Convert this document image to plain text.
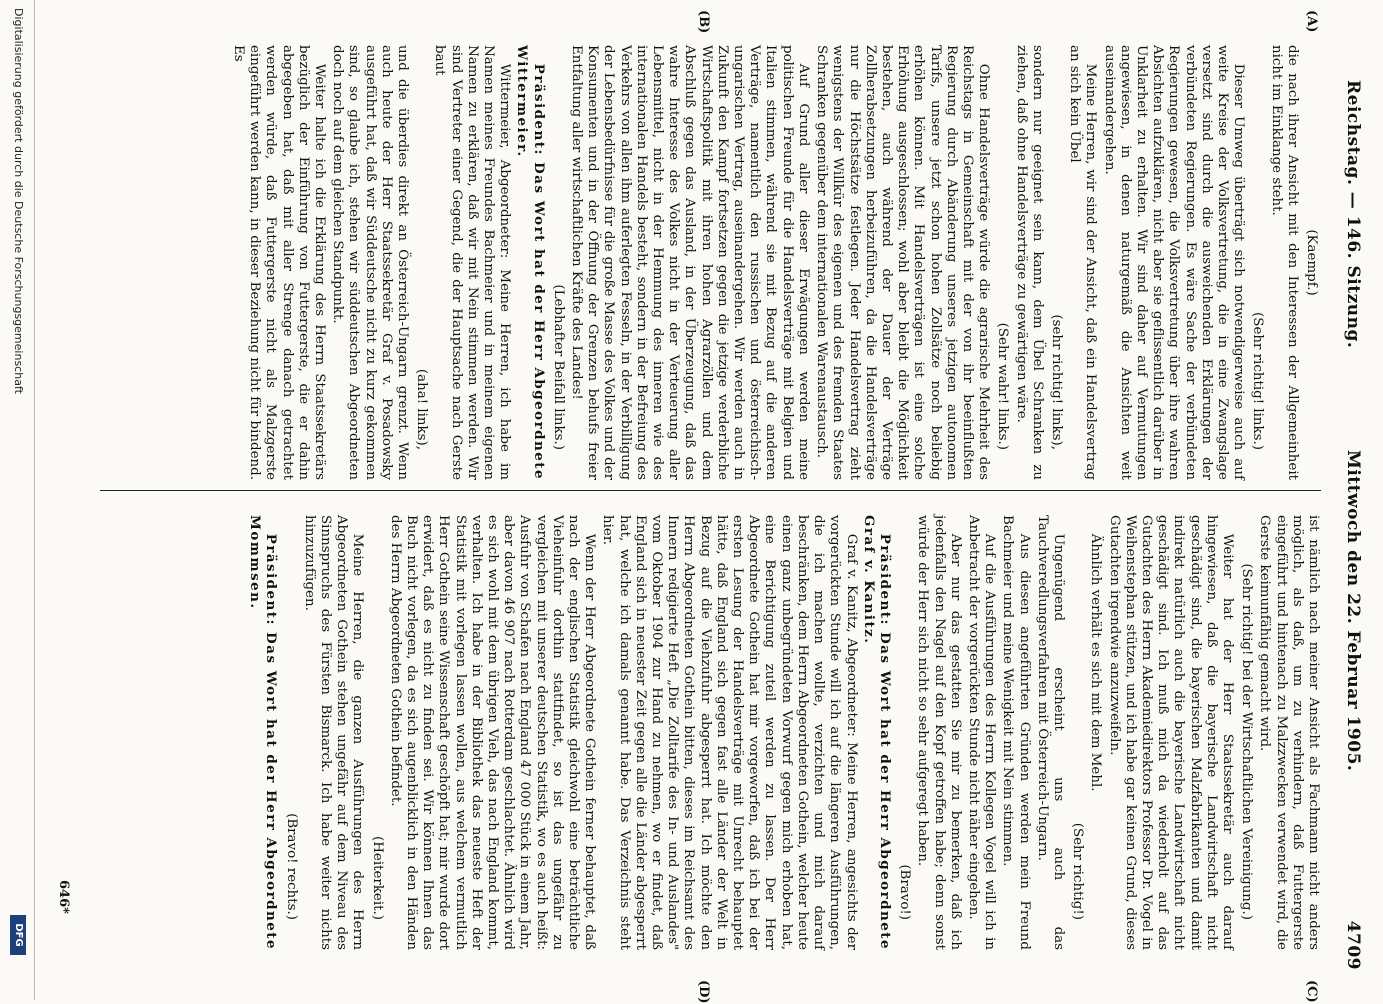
Reichstag. — 146. Sitzung.
Mittwoch den 22. Februar 1905.
4709
(A)
(B)
(C)
(D)

(Kaempf.)

die nach ihrer Ansicht mit den Interessen der Allgemeinheit nicht im Einklange steht.

(Sehr richtig! links.)

Dieser Umweg überträgt sich notwendigerweise auch auf weite Kreise der Volksvertretung, die in eine Zwangslage versetzt sind durch die ausweichenden Erklärungen der verbündeten Regierungen. Es wäre Sache der verbündeten Regierungen gewesen, die Volksvertretung über ihre wahren Absichten aufzuklären, nicht aber sie geflissentlich darüber in Unklarheit zu erhalten. Wir sind daher auf Vermutungen angewiesen, in denen naturgemäß die Ansichten weit auseinandergehen.

Meine Herren, wir sind der Ansicht, daß ein Handelsvertrag an sich kein Übel

(sehr richtig! links),

sondern nur geeignet sein kann, dem Übel Schranken zu ziehen, daß ohne Handelsverträge zu gewärtigen wäre.

(Sehr wahr! links.)

Ohne Handelsverträge würde die agrarische Mehrheit des Reichstags in Gemeinschaft mit der von ihr beeinflußten Regierung durch Abänderung unseres jetzigen autonomen Tarifs, unsere jetzt schon hohen Zollsätze noch beliebig erhöhen können. Mit Handelsverträgen ist eine solche Erhöhung ausgeschlossen; wohl aber bleibt die Möglichkeit bestehen, auch während der Dauer der Verträge Zollherabsetzungen herbeizuführen, da die Handelsverträge nur die Höchstsätze festlegen. Jeder Handelsvertrag zieht wenigstens der Willkür des eigenen und des fremden Staates Schranken gegenüber dem internationalen Warenaustausch.

Auf Grund aller dieser Erwägungen werden meine politischen Freunde für die Handelsverträge mit Belgien und Italien stimmen, während sie mit Bezug auf die anderen Verträge, namentlich den russischen und österreichisch-ungarischen Vertrag, auseinandergehen. Wir werden auch in Zukunft den Kampf fortsetzen gegen die jetzige verderbliche Wirtschaftspolitik mit ihren hohen Agrarzöllen und dem Abschluß gegen das Ausland, in der Überzeugung, daß das wahre Interesse des Volkes nicht in der Verteuerung aller Lebensmittel, nicht in der Hemmung des inneren wie des internationalen Handels besteht, sondern in der Befreiung des Verkehrs von allen ihm auferlegten Fesseln, in der Verbilligung der Lebensbedürfnisse für die große Masse des Volkes und der Konsumenten und in der Öffnung der Grenzen behufs freier Entfaltung aller wirtschaftlichen Kräfte des Landes!

(Lebhafter Beifall links.)

Präsident: Das Wort hat der Herr Abgeordnete Wittermeier.

Wittermeier, Abgeordneter: Meine Herren, ich habe im Namen meines Freundes Bachmeier und in meinem eigenen Namen zu erklären, daß wir mit Nein stimmen werden. Wir sind Vertreter einer Gegend, die der Hauptsache nach Gerste baut

(aha! links),

und die überdies direkt an Österreich-Ungarn grenzt. Wenn auch heute der Herr Staatssekretär Graf v. Posadowsky ausgeführt hat, daß wir Süddeutsche nicht zu kurz gekommen sind, so glaube ich, stehen wir süddeutschen Abgeordneten doch noch auf dem gleichen Standpunkt.

Weiter halte ich die Erklärung des Herrn Staatssekretärs bezüglich der Einführung von Futtergerste, die er dahin abgegeben hat, daß mit aller Strenge danach getrachtet werden würde, daß Futtergerste nicht als Malzgerste eingeführt werden kann, in dieser Beziehung nicht für bindend. Es

ist nämlich nach meiner Ansicht als Fachmann nicht anders möglich, als daß, um zu verhindern, daß Futtergerste eingeführt und hintenach zu Malzzwecken verwendet wird, die Gerste keimunfähig gemacht wird.

(Sehr richtig! bei der Wirtschaftlichen Vereinigung.)

Weiter hat der Herr Staatssekretär auch darauf hingewiesen, daß die bayerische Landwirtschaft nicht geschädigt sind, die bayerischen Malzfabrikanten und damit indirekt natürlich auch die bayerische Landwirtschaft nicht geschädigt sind. Ich muß mich da wiederholt auf das Gutachten des Herrn Akademiedirektors Professor Dr. Vogel in Weihenstephan stützen, und ich habe gar keinen Grund, dieses Gutachten irgendwie anzuzweifeln.

Ähnlich verhält es sich mit dem Mehl.

(Sehr richtig!)

Ungenügend erscheint uns auch das Tauchveredlungsverfahren mit Österreich-Ungarn.

Aus diesen angeführten Gründen werden mein Freund Bachmeier und meine Wenigkeit mit Nein stimmen.

Auf die Ausführungen des Herrn Kollegen Vogel will ich in Anbetracht der vorgerückten Stunde nicht näher eingehen.

Aber nur das gestatten Sie mir zu bemerken, daß ich jedenfalls den Nagel auf den Kopf getroffen habe; denn sonst würde der Herr sich nicht so sehr aufgeregt haben.

(Bravo!)

Präsident: Das Wort hat der Herr Abgeordnete Graf v. Kanitz.

Graf v. Kanitz, Abgeordneter: Meine Herren, angesichts der vorgerückten Stunde will ich auf die längeren Ausführungen, die ich machen wollte, verzichten und mich darauf beschränken, dem Herrn Abgeordneten Gothein, welcher heute einen ganz unbegründeten Vorwurf gegen mich erhoben hat, eine Berichtigung zuteil werden zu lassen. Der Herr Abgeordnete Gothein hat mir vorgeworfen, daß ich bei der ersten Lesung der Handelsverträge mit Unrecht behauptet hätte, daß England sich gegen fast alle Länder der Welt in Bezug auf die Viehzufuhr abgesperrt hat. Ich möchte den Herrn Abgeordneten Gothein bitten, dieses im Reichsamt des Innern redigierte Heft „Die Zolltarife des In- und Auslandes" vom Oktober 1904 zur Hand zu nehmen, wo er findet, daß England sich in neuester Zeit gegen alle die Länder abgesperrt hat, welche ich damals genannt habe. Das Verzeichnis steht hier.

Wenn der Herr Abgeordnete Gothein ferner behauptet, daß nach der englischen Statistik gleichwohl eine beträchtliche Vieheinfuhr dorthin stattfindet, so ist das ungefähr zu vergleichen mit unserer deutschen Statistik, wo es auch heißt: Ausfuhr von Schafen nach England 47 000 Stück in einem Jahr, aber davon 46 907 nach Rotterdam geschlachtet. Ähnlich wird es sich wohl mit dem übrigen Vieh, das nach England kommt, verhalten. Ich habe in der Bibliothek das neueste Heft der Statistik mit vorlegen lassen wollen, aus welchem vermutlich Herr Gothein seine Wissenschaft geschöpft hat; mir wurde dort erwidert, daß es nicht zu finden sei. Wir können Ihnen das Buch nicht vorlegen, da es sich augenblicklich in den Händen des Herrn Abgeordneten Gothein befindet.

(Heiterkeit.)

Meine Herren, die ganzen Ausführungen des Herrn Abgeordneten Gothein stehen ungefähr auf dem Niveau des Sinnspruchs des Fürsten Bismarck. Ich habe weiter nichts hinzuzufügen.

(Bravo! rechts.)

Präsident: Das Wort hat der Herr Abgeordnete Mommsen.

646*
Digitalisierung gefördert durch die Deutsche Forschungsgemeinschaft
DFG
